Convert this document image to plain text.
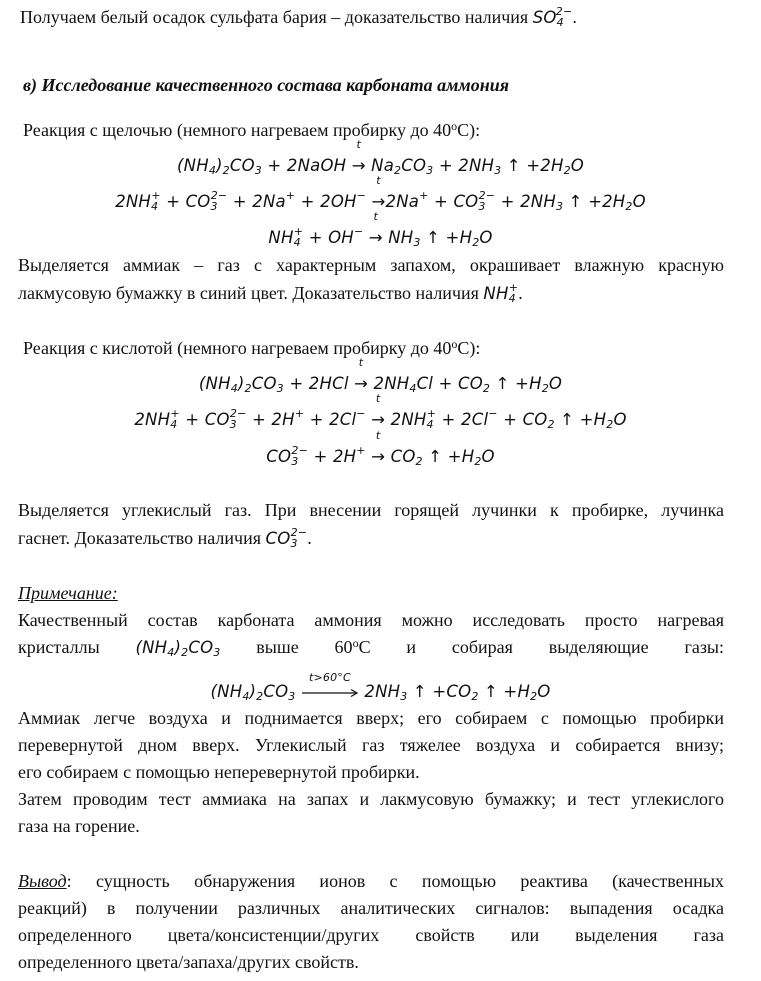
Получаем белый осадок сульфата бария – доказательство наличия $SO_4^{2-}$.
в) Исследование качественного состава карбоната аммония
Реакция с щелочью (немного нагреваем пробирку до 40$^o$С):
$(NH_4)_2CO_3$ + 2NaOH
t
→ $Na_2CO_3 + 2NH_3$ ↑ $+2H_2O$
$2NH_4^+ + CO_3^{2-} + 2Na^+ + 2OH^-$
t
$\to 2Na^+ + CO_3^{2-} + 2NH_3$ ↑ $+2H_2O$
$NH_4^+ + OH^-$
t
→ $NH_3$ ↑ $+H_2O$
Выделяется аммиак – газ с характерным запахом, окрашивает влажную красную
лакмусовую бумажку в синий цвет. Доказательство наличия $NH_4^+$.
Реакция с кислотой (немного нагреваем пробирку до 40$^o$С):
$(NH_4)_2CO_3 + 2HCl$
t
→ $2NH_4Cl + CO_2$ ↑ $+H_2O$
$2NH_4^+ + CO_3^{2-} + 2H^+ + 2Cl^-$
t
→ $2NH_4^+ + 2Cl^- + CO_2$ ↑ $+H_2O$
$CO_3^{2-} + 2H^+$
t
→ $CO_2$ ↑ $+H_2O$
Выделяется углекислый газ. При внесении горящей лучинки к пробирке, лучинка
гаснет. Доказательство наличия $CO_3^{2-}$.
Примечание:
Качественный состав карбоната аммония можно исследовать просто нагревая
кристаллы $(NH_4)_2CO_3$ выше 60$^o$С и собирая выделяющие газы:
$(NH_4)_2CO_3$
t>60°C
$2NH_3$ ↑ $+CO_2$ ↑ $+H_2O$
Аммиак легче воздуха и поднимается вверх; его собираем с помощью пробирки
перевернутой дном вверх. Углекислый газ тяжелее воздуха и собирается внизу;
его собираем с помощью неперевернутой пробирки.
Затем проводим тест аммиака на запах и лакмусовую бумажку; и тест углекислого
газа на горение.
Вывод: сущность обнаружения ионов с помощью реактива (качественных
реакций) в получении различных аналитических сигналов: выпадения осадка
определенного цвета/консистенции/других свойств или выделения газа
определенного цвета/запаха/других свойств.
